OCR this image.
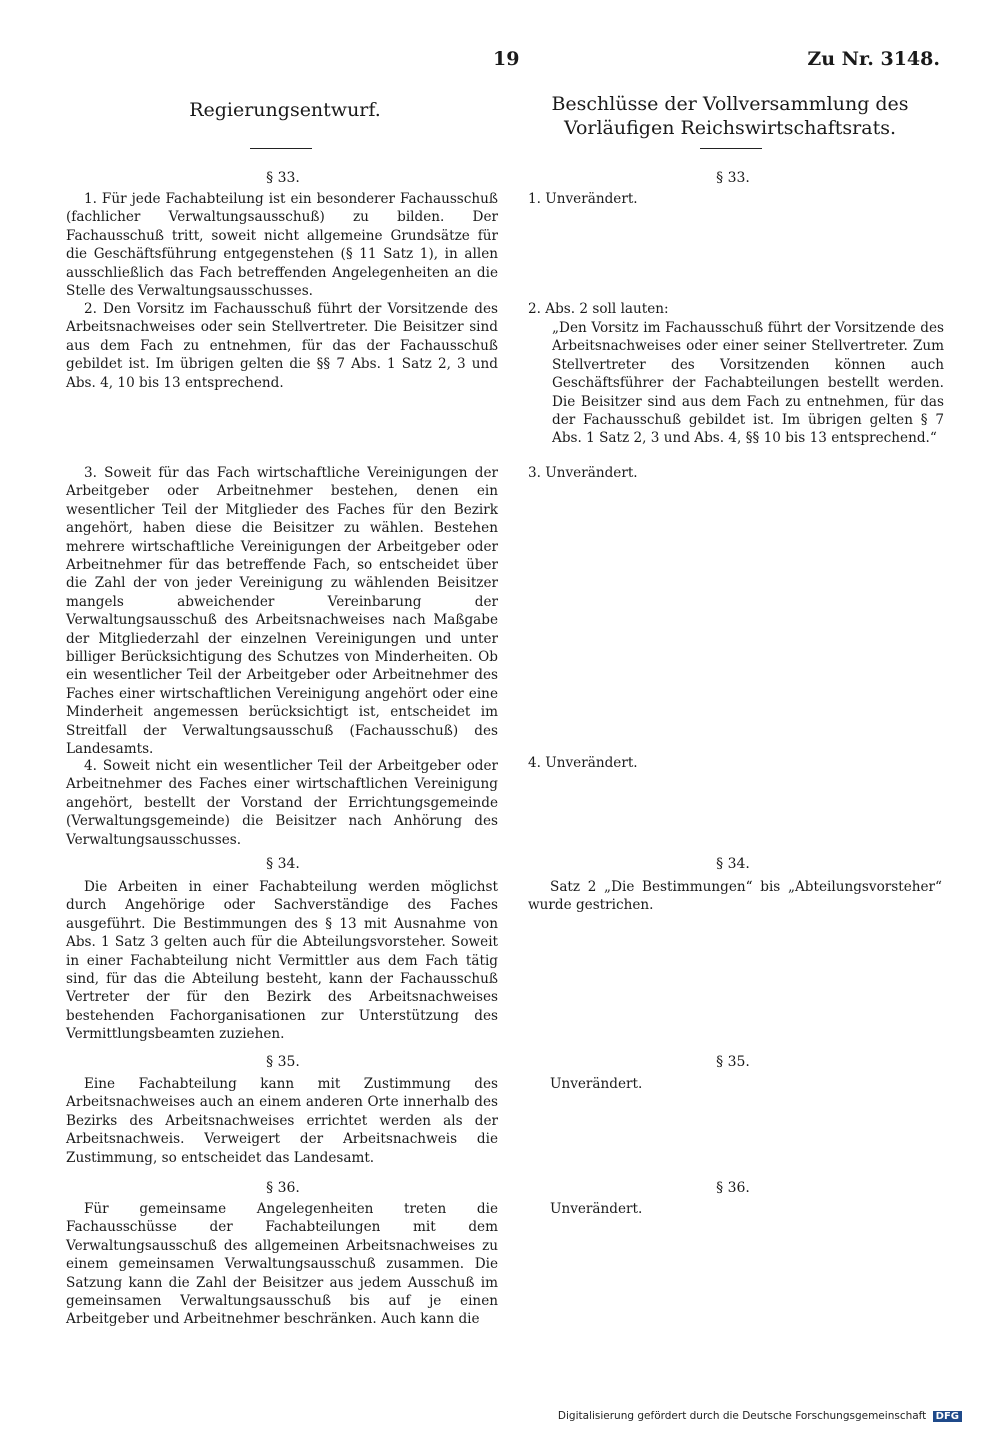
19	Zu Nr. 3148.
Regierungsentwurf.	Beschlüsse der Vollversammlung des Vorläufigen Reichswirtschaftsrats.
§ 33.

1. Für jede Fachabteilung ist ein besonderer Fachausschuß (fachlicher Verwaltungsausschuß) zu bilden. Der Fachausschuß tritt, soweit nicht allgemeine Grundsätze für die Geschäftsführung entgegenstehen (§ 11 Satz 1), in allen ausschließlich das Fach betreffenden Angelegenheiten an die Stelle des Verwaltungsausschusses.

2. Den Vorsitz im Fachausschuß führt der Vorsitzende des Arbeitsnachweises oder sein Stellvertreter. Die Beisitzer sind aus dem Fach zu entnehmen, für das der Fachausschuß gebildet ist. Im übrigen gelten die §§ 7 Abs. 1 Satz 2, 3 und Abs. 4, 10 bis 13 entsprechend.

3. Soweit für das Fach wirtschaftliche Vereinigungen der Arbeitgeber oder Arbeitnehmer bestehen, denen ein wesentlicher Teil der Mitglieder des Faches für den Bezirk angehört, haben diese die Beisitzer zu wählen. Bestehen mehrere wirtschaftliche Vereinigungen der Arbeitgeber oder Arbeitnehmer für das betreffende Fach, so entscheidet über die Zahl der von jeder Vereinigung zu wählenden Beisitzer mangels abweichender Vereinbarung der Verwaltungsausschuß des Arbeitsnachweises nach Maßgabe der Mitgliederzahl der einzelnen Vereinigungen und unter billiger Berücksichtigung des Schutzes von Minderheiten. Ob ein wesentlicher Teil der Arbeitgeber oder Arbeitnehmer des Faches einer wirtschaftlichen Vereinigung angehört oder eine Minderheit angemessen berücksichtigt ist, entscheidet im Streitfall der Verwaltungsausschuß (Fachausschuß) des Landesamts.

4. Soweit nicht ein wesentlicher Teil der Arbeitgeber oder Arbeitnehmer des Faches einer wirtschaftlichen Vereinigung angehört, bestellt der Vorstand der Errichtungsgemeinde (Verwaltungsgemeinde) die Beisitzer nach Anhörung des Verwaltungsausschusses.

§ 34.

Die Arbeiten in einer Fachabteilung werden möglichst durch Angehörige oder Sachverständige des Faches ausgeführt. Die Bestimmungen des § 13 mit Ausnahme von Abs. 1 Satz 3 gelten auch für die Abteilungsvorsteher. Soweit in einer Fachabteilung nicht Vermittler aus dem Fach tätig sind, für das die Abteilung besteht, kann der Fachausschuß Vertreter der für den Bezirk des Arbeitsnachweises bestehenden Fachorganisationen zur Unterstützung des Vermittlungsbeamten zuziehen.

§ 35.

Eine Fachabteilung kann mit Zustimmung des Arbeitsnachweises auch an einem anderen Orte innerhalb des Bezirks des Arbeitsnachweises errichtet werden als der Arbeitsnachweis. Verweigert der Arbeitsnachweis die Zustimmung, so entscheidet das Landesamt.

§ 36.

Für gemeinsame Angelegenheiten treten die Fachausschüsse der Fachabteilungen mit dem Verwaltungsausschuß des allgemeinen Arbeitsnachweises zu einem gemeinsamen Verwaltungsausschuß zusammen. Die Satzung kann die Zahl der Beisitzer aus jedem Ausschuß im gemeinsamen Verwaltungsausschuß bis auf je einen Arbeitgeber und Arbeitnehmer beschränken. Auch kann die

§ 33.
1. Unverändert.
2. Abs. 2 soll lauten:
„Den Vorsitz im Fachausschuß führt der Vorsitzende des Arbeitsnachweises oder einer seiner Stellvertreter. Zum Stellvertreter des Vorsitzenden können auch Geschäftsführer der Fachabteilungen bestellt werden. Die Beisitzer sind aus dem Fach zu entnehmen, für das der Fachausschuß gebildet ist. Im übrigen gelten § 7 Abs. 1 Satz 2, 3 und Abs. 4, §§ 10 bis 13 entsprechend.“
3. Unverändert.
4. Unverändert.
§ 34.
Satz 2 „Die Bestimmungen“ bis „Abteilungsvorsteher“ wurde gestrichen.
§ 35.
Unverändert.
§ 36.
Unverändert.
Digitalisierung gefördert durch die Deutsche Forschungsgemeinschaft DFG
